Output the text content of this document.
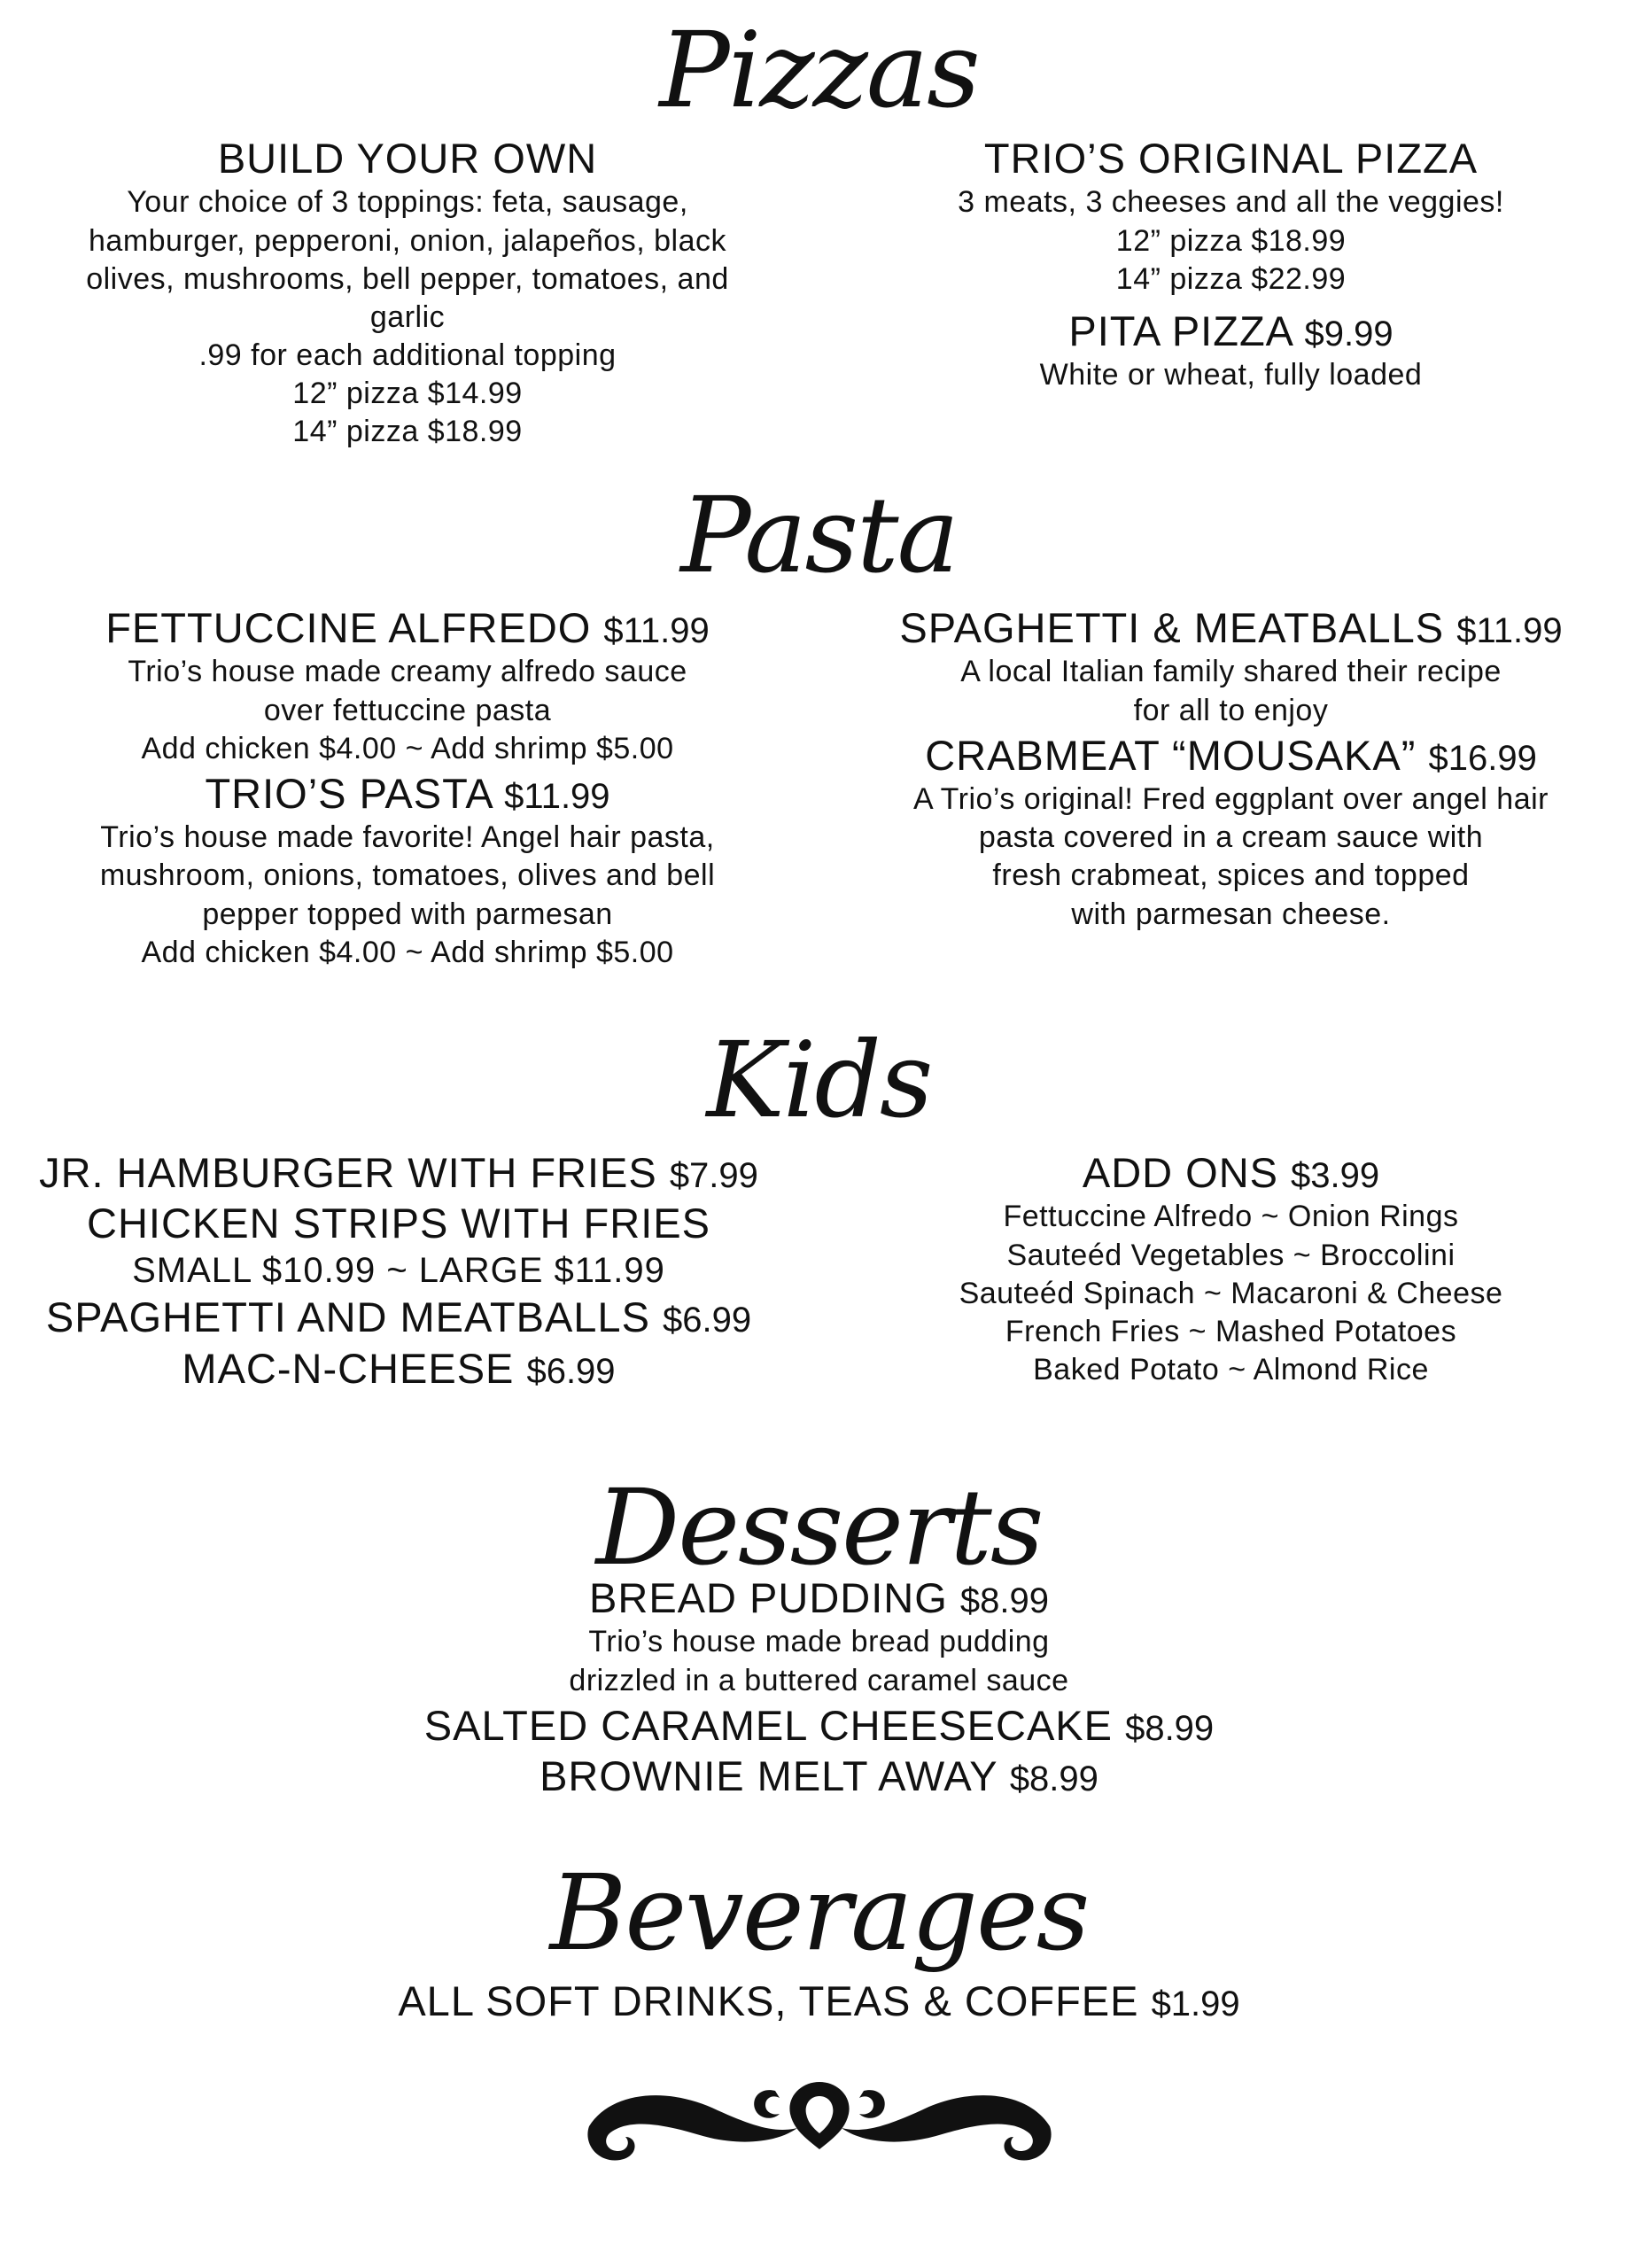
Pizzas
BUILD YOUR OWN
Your choice of 3 toppings: feta, sausage,
hamburger, pepperoni, onion, jalapeños, black
olives, mushrooms, bell pepper, tomatoes, and
garlic
.99 for each additional topping
12” pizza $14.99
14” pizza $18.99
TRIO’S ORIGINAL PIZZA
3 meats, 3 cheeses and all the veggies!
12” pizza $18.99
14” pizza $22.99
PITA PIZZA $9.99
White or wheat, fully loaded
Pasta
FETTUCCINE ALFREDO $11.99
Trio’s house made creamy alfredo sauce
over fettuccine pasta
Add chicken $4.00 ~ Add shrimp $5.00
TRIO’S PASTA $11.99
Trio’s house made favorite! Angel hair pasta,
mushroom, onions, tomatoes, olives and bell
pepper topped with parmesan
Add chicken $4.00 ~ Add shrimp $5.00
SPAGHETTI & MEATBALLS $11.99
A local Italian family shared their recipe
for all to enjoy
CRABMEAT “MOUSAKA” $16.99
A Trio’s original! Fred eggplant over angel hair
pasta covered in a cream sauce with
fresh crabmeat, spices and topped
with parmesan cheese.
Kids
JR. HAMBURGER WITH FRIES $7.99
CHICKEN STRIPS WITH FRIES
SMALL $10.99 ~ LARGE $11.99
SPAGHETTI AND MEATBALLS $6.99
MAC-N-CHEESE $6.99
ADD ONS $3.99
Fettuccine Alfredo ~ Onion Rings
Sauteéd Vegetables ~ Broccolini
Sauteéd Spinach ~ Macaroni & Cheese
French Fries ~ Mashed Potatoes
Baked Potato ~ Almond Rice
Desserts
BREAD PUDDING $8.99
Trio’s house made bread pudding
drizzled in a buttered caramel sauce
SALTED CARAMEL CHEESECAKE $8.99
BROWNIE MELT AWAY $8.99
Beverages
ALL SOFT DRINKS, TEAS & COFFEE $1.99
